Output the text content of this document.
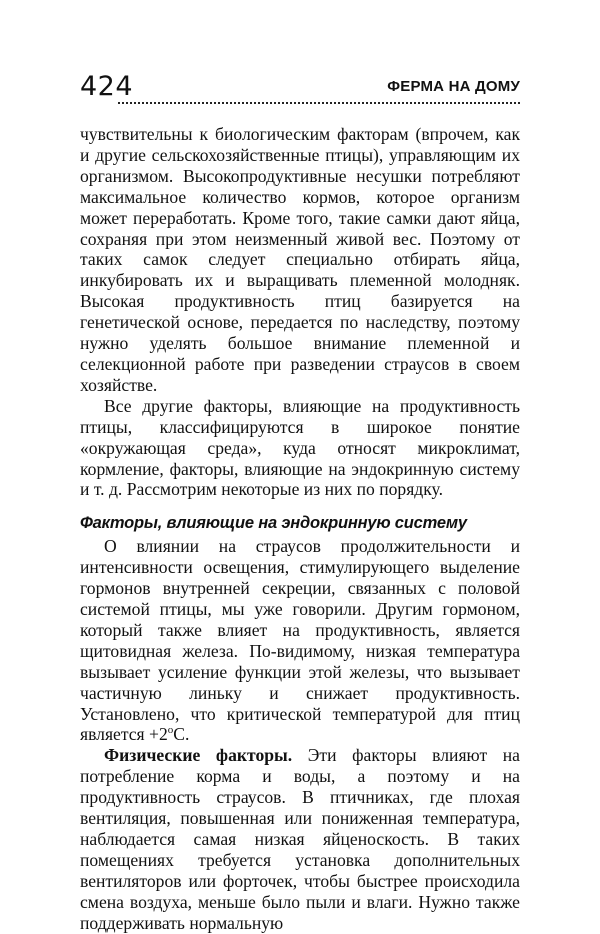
424	ФЕРМА НА ДОМУ

чувствительны к биологическим факторам (впрочем, как и другие сельскохозяйственные птицы), управляющим их организмом. Высокопродуктивные несушки потребляют максимальное количество кормов, которое организм может переработать. Кроме того, такие самки дают яйца, сохраняя при этом неизменный живой вес. Поэтому от таких самок следует специально отбирать яйца, инкубировать их и выращивать племенной молодняк. Высокая продуктивность птиц базируется на генетической основе, передается по наследству, поэтому нужно уделять большое внимание племенной и селекционной работе при разведении страусов в своем хозяйстве.

Все другие факторы, влияющие на продуктивность птицы, классифицируются в широкое понятие «окружающая среда», куда относят микроклимат, кормление, факторы, влияющие на эндокринную систему и т. д. Рассмотрим некоторые из них по порядку.

Факторы, влияющие на эндокринную систему

О влиянии на страусов продолжительности и интенсивности освещения, стимулирующего выделение гормонов внутренней секреции, связанных с половой системой птицы, мы уже говорили. Другим гормоном, который также влияет на продуктивность, является щитовидная железа. По-видимому, низкая температура вызывает усиление функции этой железы, что вызывает частичную линьку и снижает продуктивность. Установлено, что критической температурой для птиц является $+2^oС$.

Физические факторы. Эти факторы влияют на потребление корма и воды, а поэтому и на продуктивность страусов. В птичниках, где плохая вентиляция, повышенная или пониженная температура, наблюдается самая низкая яйценоскость. В таких помещениях требуется установка дополнительных вентиляторов или форточек, чтобы быстрее происходила смена воздуха, меньше было пыли и влаги. Нужно также поддерживать нормальную
